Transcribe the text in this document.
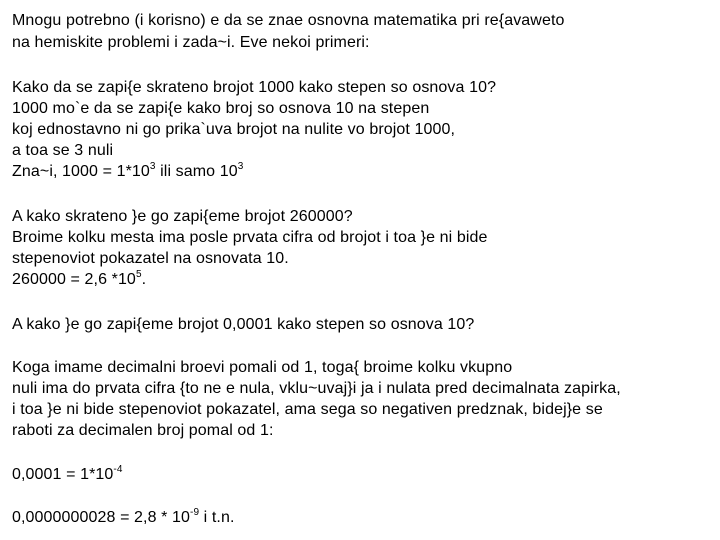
Mnogu potrebno (i korisno) e da se znae osnovna matematika pri re{avaweto
na hemiskite problemi i zada~i. Eve nekoi primeri:
Kako da se zapi{e skrateno brojot 1000 kako stepen so osnova 10?
1000 mo`e da se zapi{e kako broj so osnova 10 na stepen
koj ednostavno ni go prika`uva brojot na nulite vo brojot 1000,
a toa se 3 nuli
Zna~i, $1000 = 1*10^3$ ili samo $10^3$
A kako skrateno }e go zapi{eme brojot 260000?
Broime kolku mesta ima posle prvata cifra od brojot i toa }e ni bide
stepenoviot pokazatel na osnovata 10.
260000 = 2,6 $*10^5$.
A kako }e go zapi{eme brojot 0,0001 kako stepen so osnova 10?
Koga imame decimalni broevi pomali od 1, toga{ broime kolku vkupno
nuli ima do prvata cifra {to ne e nula, vklu~uvaj}i ja i nulata pred decimalnata zapirka,
i toa }e ni bide stepenoviot pokazatel, ama sega so negativen predznak, bidej}e se
raboti za decimalen broj pomal od 1:
$0,0001 = 1*10^{-4}$
$0,0000000028 = 2,8 * 10^{-9}$ i t.n.
